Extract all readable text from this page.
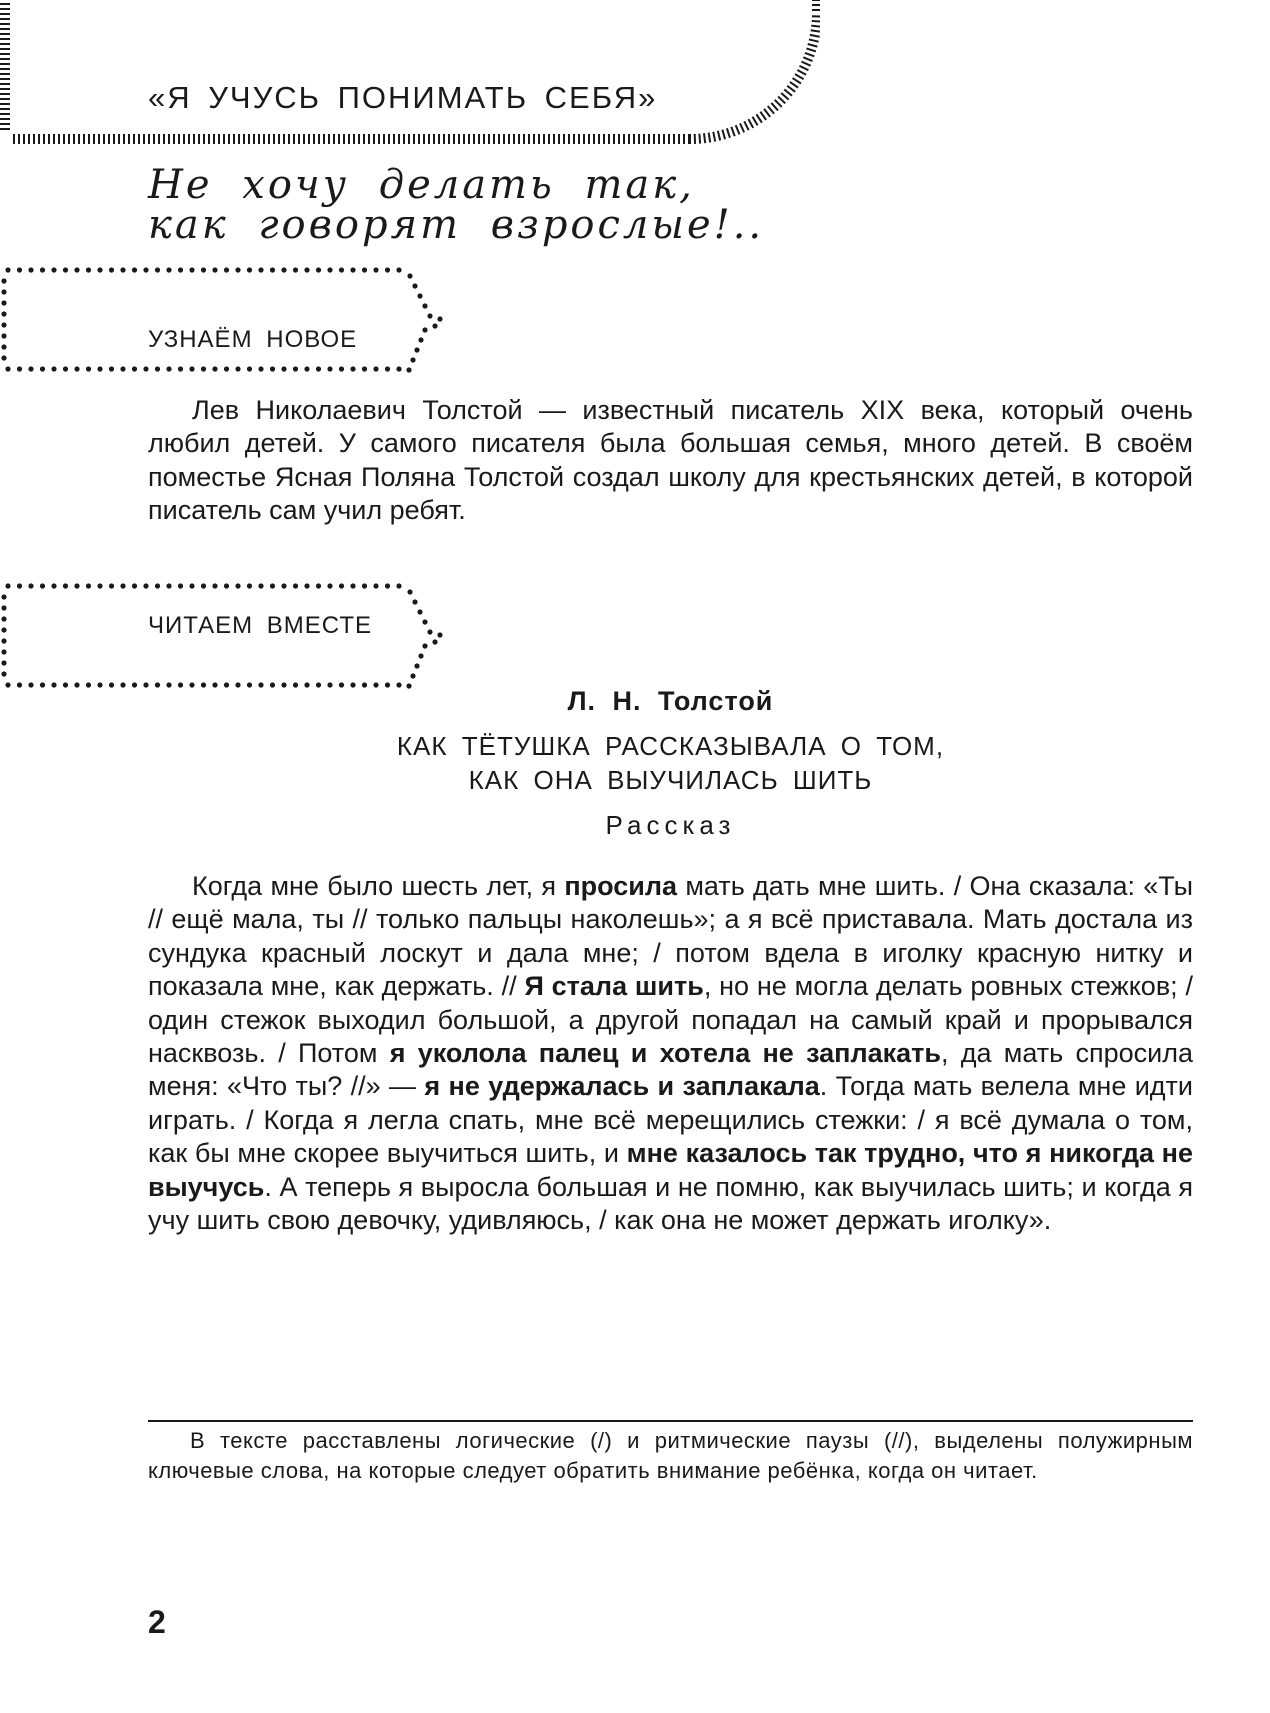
«Я УЧУСЬ ПОНИМАТЬ СЕБЯ»
Не хочу делать так,
как говорят взрослые!..
УЗНАЁМ НОВОЕ

Лев Николаевич Толстой — известный писатель XIX века, который очень любил детей. У самого писателя была большая семья, много детей. В своём поместье Ясная Поляна Толстой создал школу для крестьянских детей, в которой писатель сам учил ребят.

ЧИТАЕМ ВМЕСТЕ
Л. Н. Толстой
КАК ТЁТУШКА РАССКАЗЫВАЛА О ТОМ,
КАК ОНА ВЫУЧИЛАСЬ ШИТЬ
Рассказ

Когда мне было шесть лет, я просила мать дать мне шить. / Она сказала: «Ты // ещё мала, ты // только пальцы наколешь»; а я всё приставала. Мать достала из сундука красный лоскут и дала мне; / потом вдела в иголку красную нитку и показала мне, как держать. // Я стала шить, но не могла делать ровных стежков; / один стежок выходил большой, а другой попадал на самый край и прорывался насквозь. / Потом я уколола палец и хотела не заплакать, да мать спросила меня: «Что ты? //» — я не удержалась и заплакала. Тогда мать велела мне идти играть. / Когда я легла спать, мне всё мерещились стежки: / я всё думала о том, как бы мне скорее выучиться шить, и мне казалось так трудно, что я никогда не выучусь. А теперь я выросла большая и не помню, как выучилась шить; и когда я учу шить свою девочку, удивляюсь, / как она не может держать иголку».

В тексте расставлены логические (/) и ритмические паузы (//), выделены полужирным ключевые слова, на которые следует обратить внимание ребёнка, когда он читает.

2
